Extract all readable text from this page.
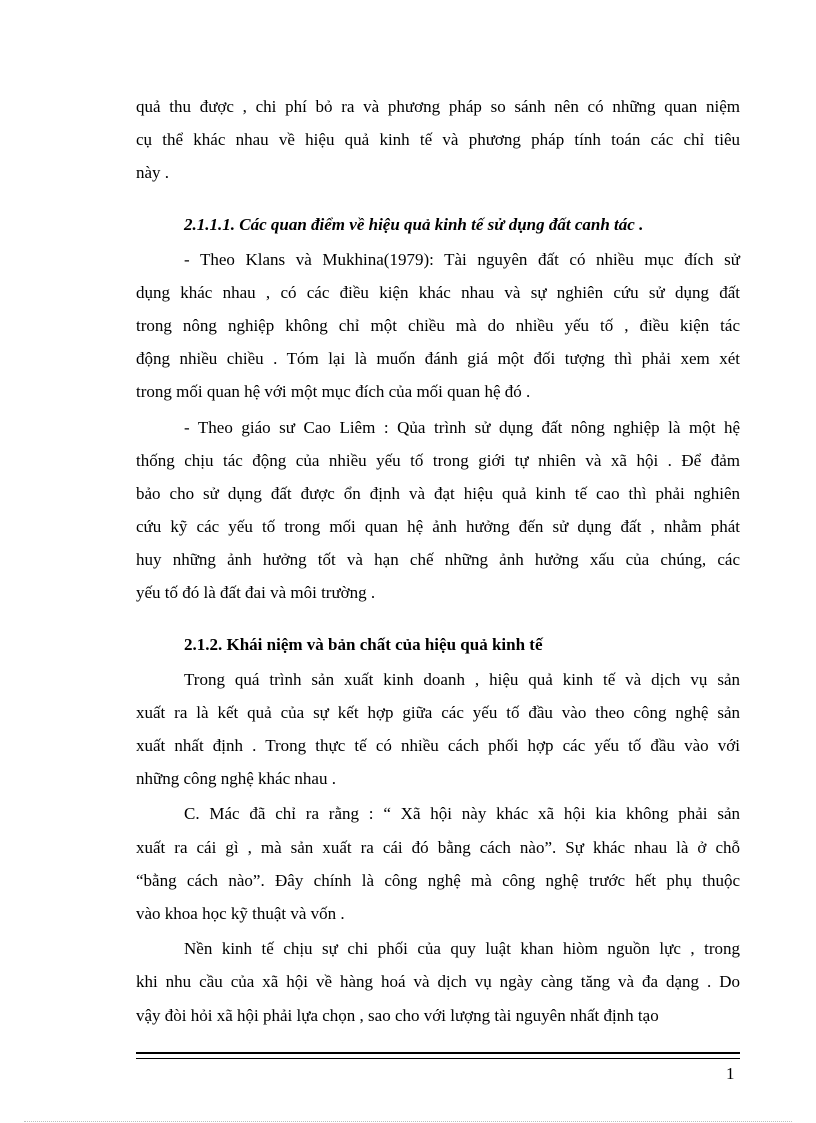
quả thu được , chi phí bỏ ra và phương pháp so sánh nên có những quan niệm
cụ thể khác nhau về hiệu quả kinh tế và phương pháp tính toán các chỉ tiêu
này .
2.1.1.1. Các quan điểm về hiệu quả kinh tế sử dụng đất canh tác .
- Theo Klans và Mukhina(1979): Tài nguyên đất có nhiều mục đích sử
dụng khác nhau , có các điều kiện khác nhau và sự nghiên cứu sử dụng đất
trong nông nghiệp không chỉ một chiều mà do nhiều yếu tố , điều kiện tác
động nhiều chiều . Tóm lại là muốn đánh giá một đối tượng thì phải xem xét
trong mối quan hệ với một mục đích của mối quan hệ đó .
- Theo giáo sư Cao Liêm : Qủa trình sử dụng đất nông nghiệp là một hệ
thống chịu tác động của nhiều yếu tố trong giới tự nhiên và xã hội . Để đảm
bảo cho sử dụng đất được ổn định và đạt hiệu quả kinh tế cao thì phải nghiên
cứu kỹ các yếu tố trong mối quan hệ ảnh hưởng đến sử dụng đất , nhằm phát
huy những ảnh hưởng tốt và hạn chế những ảnh hưởng xấu của chúng, các
yếu tố đó là đất đai và môi trường .
2.1.2. Khái niệm và bản chất của hiệu quả kinh tế
Trong quá trình sản xuất kinh doanh , hiệu quả kinh tế và dịch vụ sản
xuất ra là kết quả của sự kết hợp giữa các yếu tố đầu vào theo công nghệ sản
xuất nhất định . Trong thực tế có nhiều cách phối hợp các yếu tố đầu vào với
những công nghệ khác nhau .
C. Mác đã chỉ ra rằng : “ Xã hội này khác xã hội kia không phải sản
xuất ra cái gì , mà sản xuất ra cái đó bằng cách nào”. Sự khác nhau là ở chỗ
“bằng cách nào”. Đây chính là công nghệ mà công nghệ trước hết phụ thuộc
vào khoa học kỹ thuật và vốn .
Nền kinh tế chịu sự chi phối của quy luật khan hiòm nguồn lực , trong
khi nhu cầu của xã hội về hàng hoá và dịch vụ ngày càng tăng và đa dạng . Do
vậy đòi hỏi xã hội phải lựa chọn , sao cho với lượng tài nguyên nhất định tạo
1
